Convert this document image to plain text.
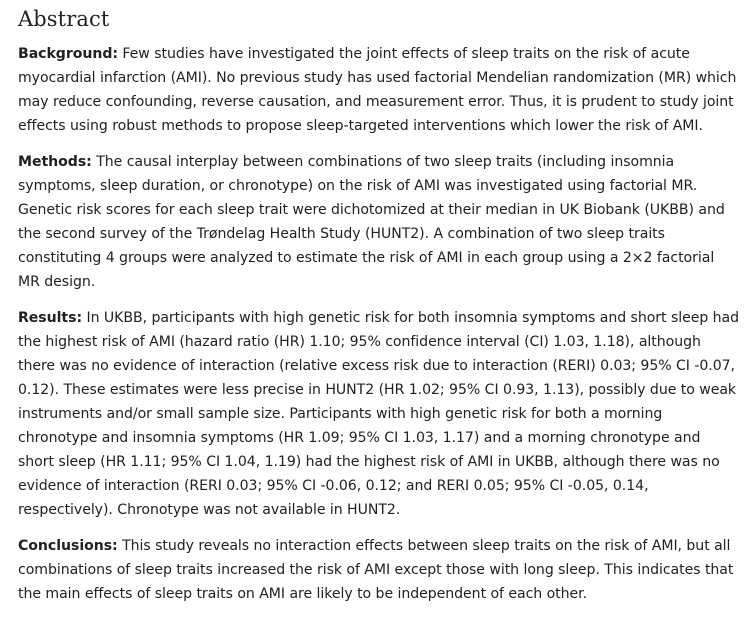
Abstract

Background: Few studies have investigated the joint effects of sleep traits on the risk of acute myocardial infarction (AMI). No previous study has used factorial Mendelian randomization (MR) which may reduce confounding, reverse causation, and measurement error. Thus, it is prudent to study joint effects using robust methods to propose sleep-targeted interventions which lower the risk of AMI.

Methods: The causal interplay between combinations of two sleep traits (including insomnia symptoms, sleep duration, or chronotype) on the risk of AMI was investigated using factorial MR. Genetic risk scores for each sleep trait were dichotomized at their median in UK Biobank (UKBB) and the second survey of the Trøndelag Health Study (HUNT2). A combination of two sleep traits constituting 4 groups were analyzed to estimate the risk of AMI in each group using a 2×2 factorial MR design.

Results: In UKBB, participants with high genetic risk for both insomnia symptoms and short sleep had the highest risk of AMI (hazard ratio (HR) 1.10; 95% confidence interval (CI) 1.03, 1.18), although there was no evidence of interaction (relative excess risk due to interaction (RERI) 0.03; 95% CI -0.07, 0.12). These estimates were less precise in HUNT2 (HR 1.02; 95% CI 0.93, 1.13), possibly due to weak instruments and/or small sample size. Participants with high genetic risk for both a morning chronotype and insomnia symptoms (HR 1.09; 95% CI 1.03, 1.17) and a morning chronotype and short sleep (HR 1.11; 95% CI 1.04, 1.19) had the highest risk of AMI in UKBB, although there was no evidence of interaction (RERI 0.03; 95% CI -0.06, 0.12; and RERI 0.05; 95% CI -0.05, 0.14, respectively). Chronotype was not available in HUNT2.

Conclusions: This study reveals no interaction effects between sleep traits on the risk of AMI, but all combinations of sleep traits increased the risk of AMI except those with long sleep. This indicates that the main effects of sleep traits on AMI are likely to be independent of each other.
